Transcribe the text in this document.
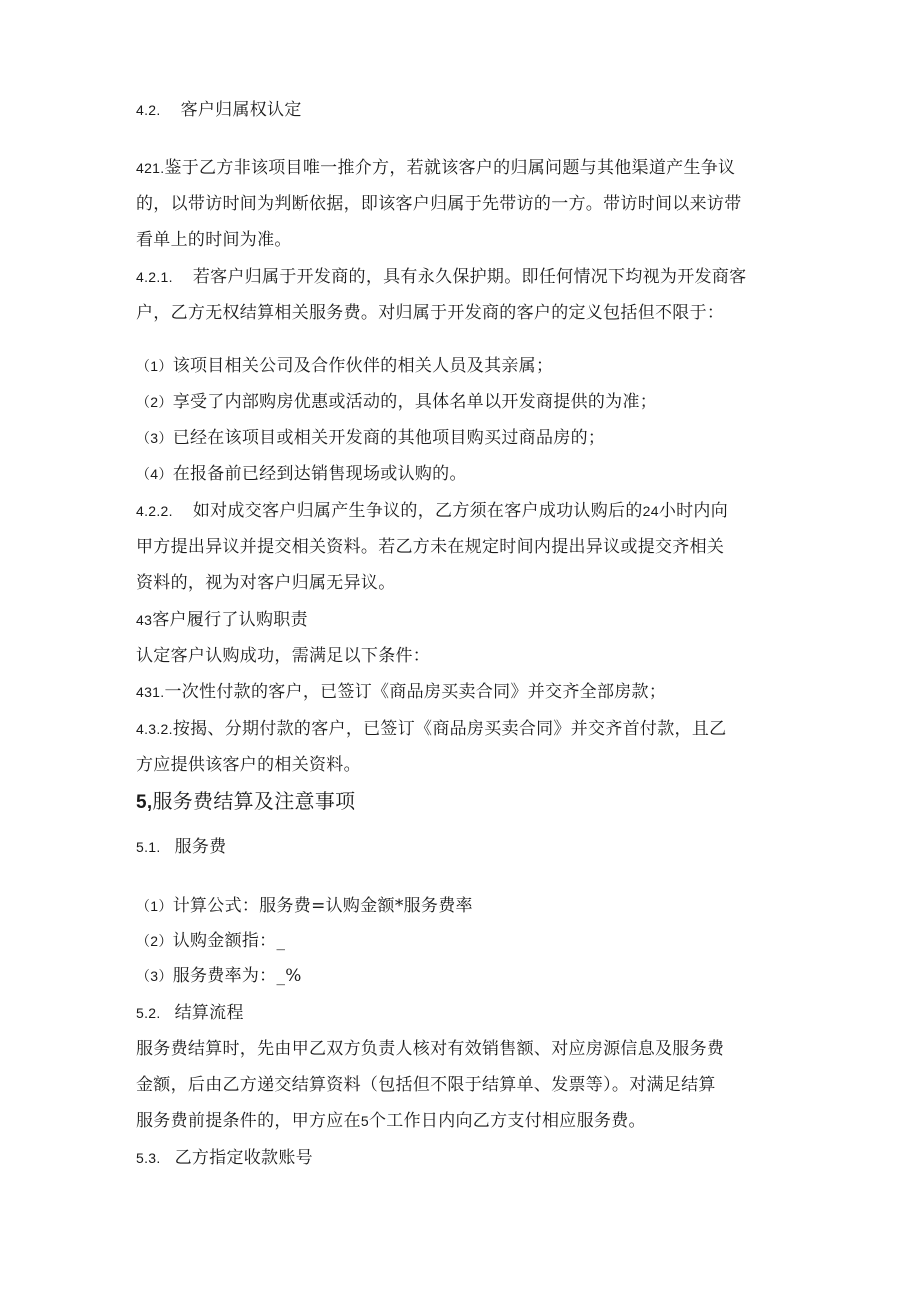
4.2. 客户归属权认定
421.鉴于乙方非该项目唯一推介方，若就该客户的归属问题与其他渠道产生争议
的，以带访时间为判断依据，即该客户归属于先带访的一方。带访时间以来访带
看单上的时间为准。
4.2.1. 若客户归属于开发商的，具有永久保护期。即任何情况下均视为开发商客
户，乙方无权结算相关服务费。对归属于开发商的客户的定义包括但不限于：
（1）该项目相关公司及合作伙伴的相关人员及其亲属；
（2）享受了内部购房优惠或活动的，具体名单以开发商提供的为准；
（3）已经在该项目或相关开发商的其他项目购买过商品房的；
（4）在报备前已经到达销售现场或认购的。
4.2.2. 如对成交客户归属产生争议的，乙方须在客户成功认购后的24小时内向
甲方提出异议并提交相关资料。若乙方未在规定时间内提出异议或提交齐相关
资料的，视为对客户归属无异议。
43客户履行了认购职责
认定客户认购成功，需满足以下条件：
431.一次性付款的客户，已签订《商品房买卖合同》并交齐全部房款；
4.3.2.按揭、分期付款的客户，已签订《商品房买卖合同》并交齐首付款，且乙
方应提供该客户的相关资料。
5,服务费结算及注意事项
5.1. 服务费
（1）计算公式：服务费=认购金额*服务费率
（2）认购金额指：_
（3）服务费率为：_%
5.2. 结算流程
服务费结算时，先由甲乙双方负责人核对有效销售额、对应房源信息及服务费
金额，后由乙方递交结算资料（包括但不限于结算单、发票等）。对满足结算
服务费前提条件的，甲方应在5个工作日内向乙方支付相应服务费。
5.3. 乙方指定收款账号
